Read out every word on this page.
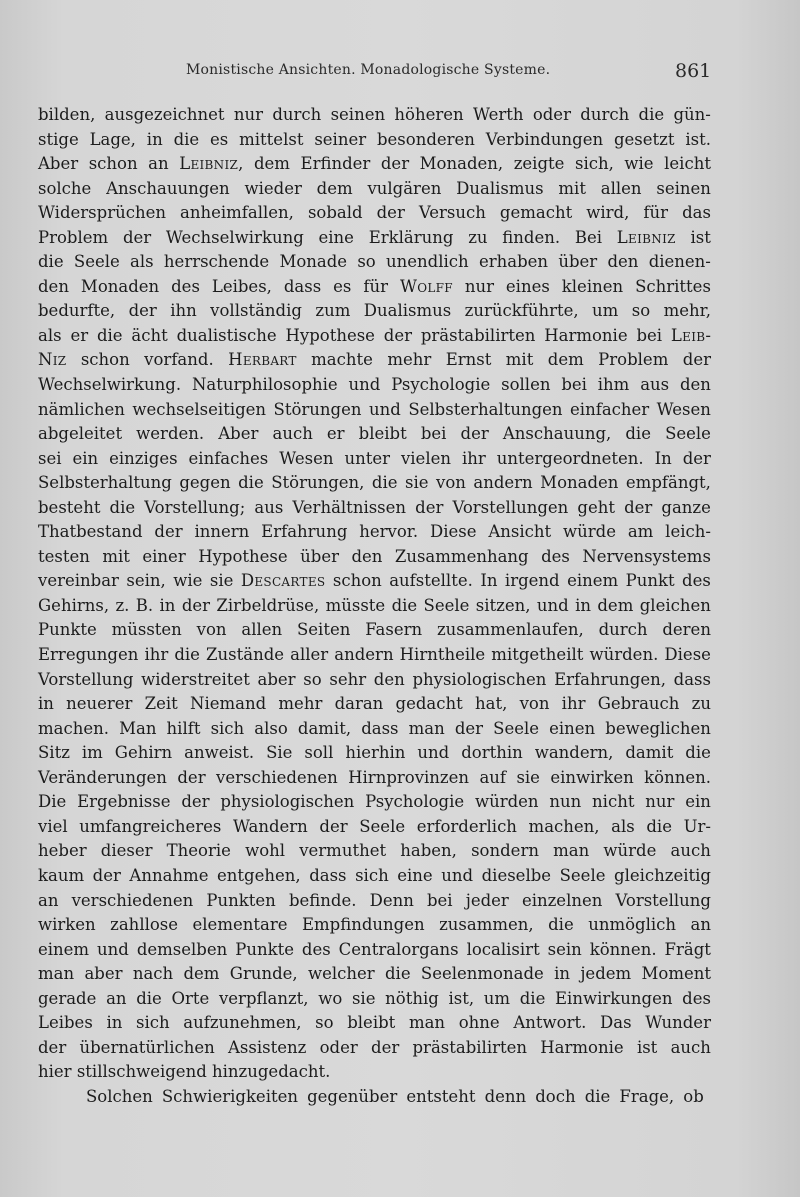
Monistische Ansichten. Monadologische Systeme.	861
bilden, ausgezeichnet nur durch seinen höheren Werth oder durch die gün-
stige Lage, in die es mittelst seiner besonderen Verbindungen gesetzt ist.
Aber schon an Leibniz, dem Erfinder der Monaden, zeigte sich, wie leicht
solche Anschauungen wieder dem vulgären Dualismus mit allen seinen
Widersprüchen anheimfallen, sobald der Versuch gemacht wird, für das
Problem der Wechselwirkung eine Erklärung zu finden. Bei Leibniz ist
die Seele als herrschende Monade so unendlich erhaben über den dienen-
den Monaden des Leibes, dass es für Wolff nur eines kleinen Schrittes
bedurfte, der ihn vollständig zum Dualismus zurückführte, um so mehr,
als er die ächt dualistische Hypothese der prästabilirten Harmonie bei Leib-
Niz schon vorfand. Herbart machte mehr Ernst mit dem Problem der
Wechselwirkung. Naturphilosophie und Psychologie sollen bei ihm aus den
nämlichen wechselseitigen Störungen und Selbsterhaltungen einfacher Wesen
abgeleitet werden. Aber auch er bleibt bei der Anschauung, die Seele
sei ein einziges einfaches Wesen unter vielen ihr untergeordneten. In der
Selbsterhaltung gegen die Störungen, die sie von andern Monaden empfängt,
besteht die Vorstellung; aus Verhältnissen der Vorstellungen geht der ganze
Thatbestand der innern Erfahrung hervor. Diese Ansicht würde am leich-
testen mit einer Hypothese über den Zusammenhang des Nervensystems
vereinbar sein, wie sie Descartes schon aufstellte. In irgend einem Punkt des
Gehirns, z. B. in der Zirbeldrüse, müsste die Seele sitzen, und in dem gleichen
Punkte müssten von allen Seiten Fasern zusammenlaufen, durch deren
Erregungen ihr die Zustände aller andern Hirntheile mitgetheilt würden. Diese
Vorstellung widerstreitet aber so sehr den physiologischen Erfahrungen, dass
in neuerer Zeit Niemand mehr daran gedacht hat, von ihr Gebrauch zu
machen. Man hilft sich also damit, dass man der Seele einen beweglichen
Sitz im Gehirn anweist. Sie soll hierhin und dorthin wandern, damit die
Veränderungen der verschiedenen Hirnprovinzen auf sie einwirken können.
Die Ergebnisse der physiologischen Psychologie würden nun nicht nur ein
viel umfangreicheres Wandern der Seele erforderlich machen, als die Ur-
heber dieser Theorie wohl vermuthet haben, sondern man würde auch
kaum der Annahme entgehen, dass sich eine und dieselbe Seele gleichzeitig
an verschiedenen Punkten befinde. Denn bei jeder einzelnen Vorstellung
wirken zahllose elementare Empfindungen zusammen, die unmöglich an
einem und demselben Punkte des Centralorgans localisirt sein können. Frägt
man aber nach dem Grunde, welcher die Seelenmonade in jedem Moment
gerade an die Orte verpflanzt, wo sie nöthig ist, um die Einwirkungen des
Leibes in sich aufzunehmen, so bleibt man ohne Antwort. Das Wunder
der übernatürlichen Assistenz oder der prästabilirten Harmonie ist auch
hier
stillschweigend
hinzugedacht.

Solchen
Schwierigkeiten
gegenüber
entsteht
denn
doch
die
Frage,
ob
